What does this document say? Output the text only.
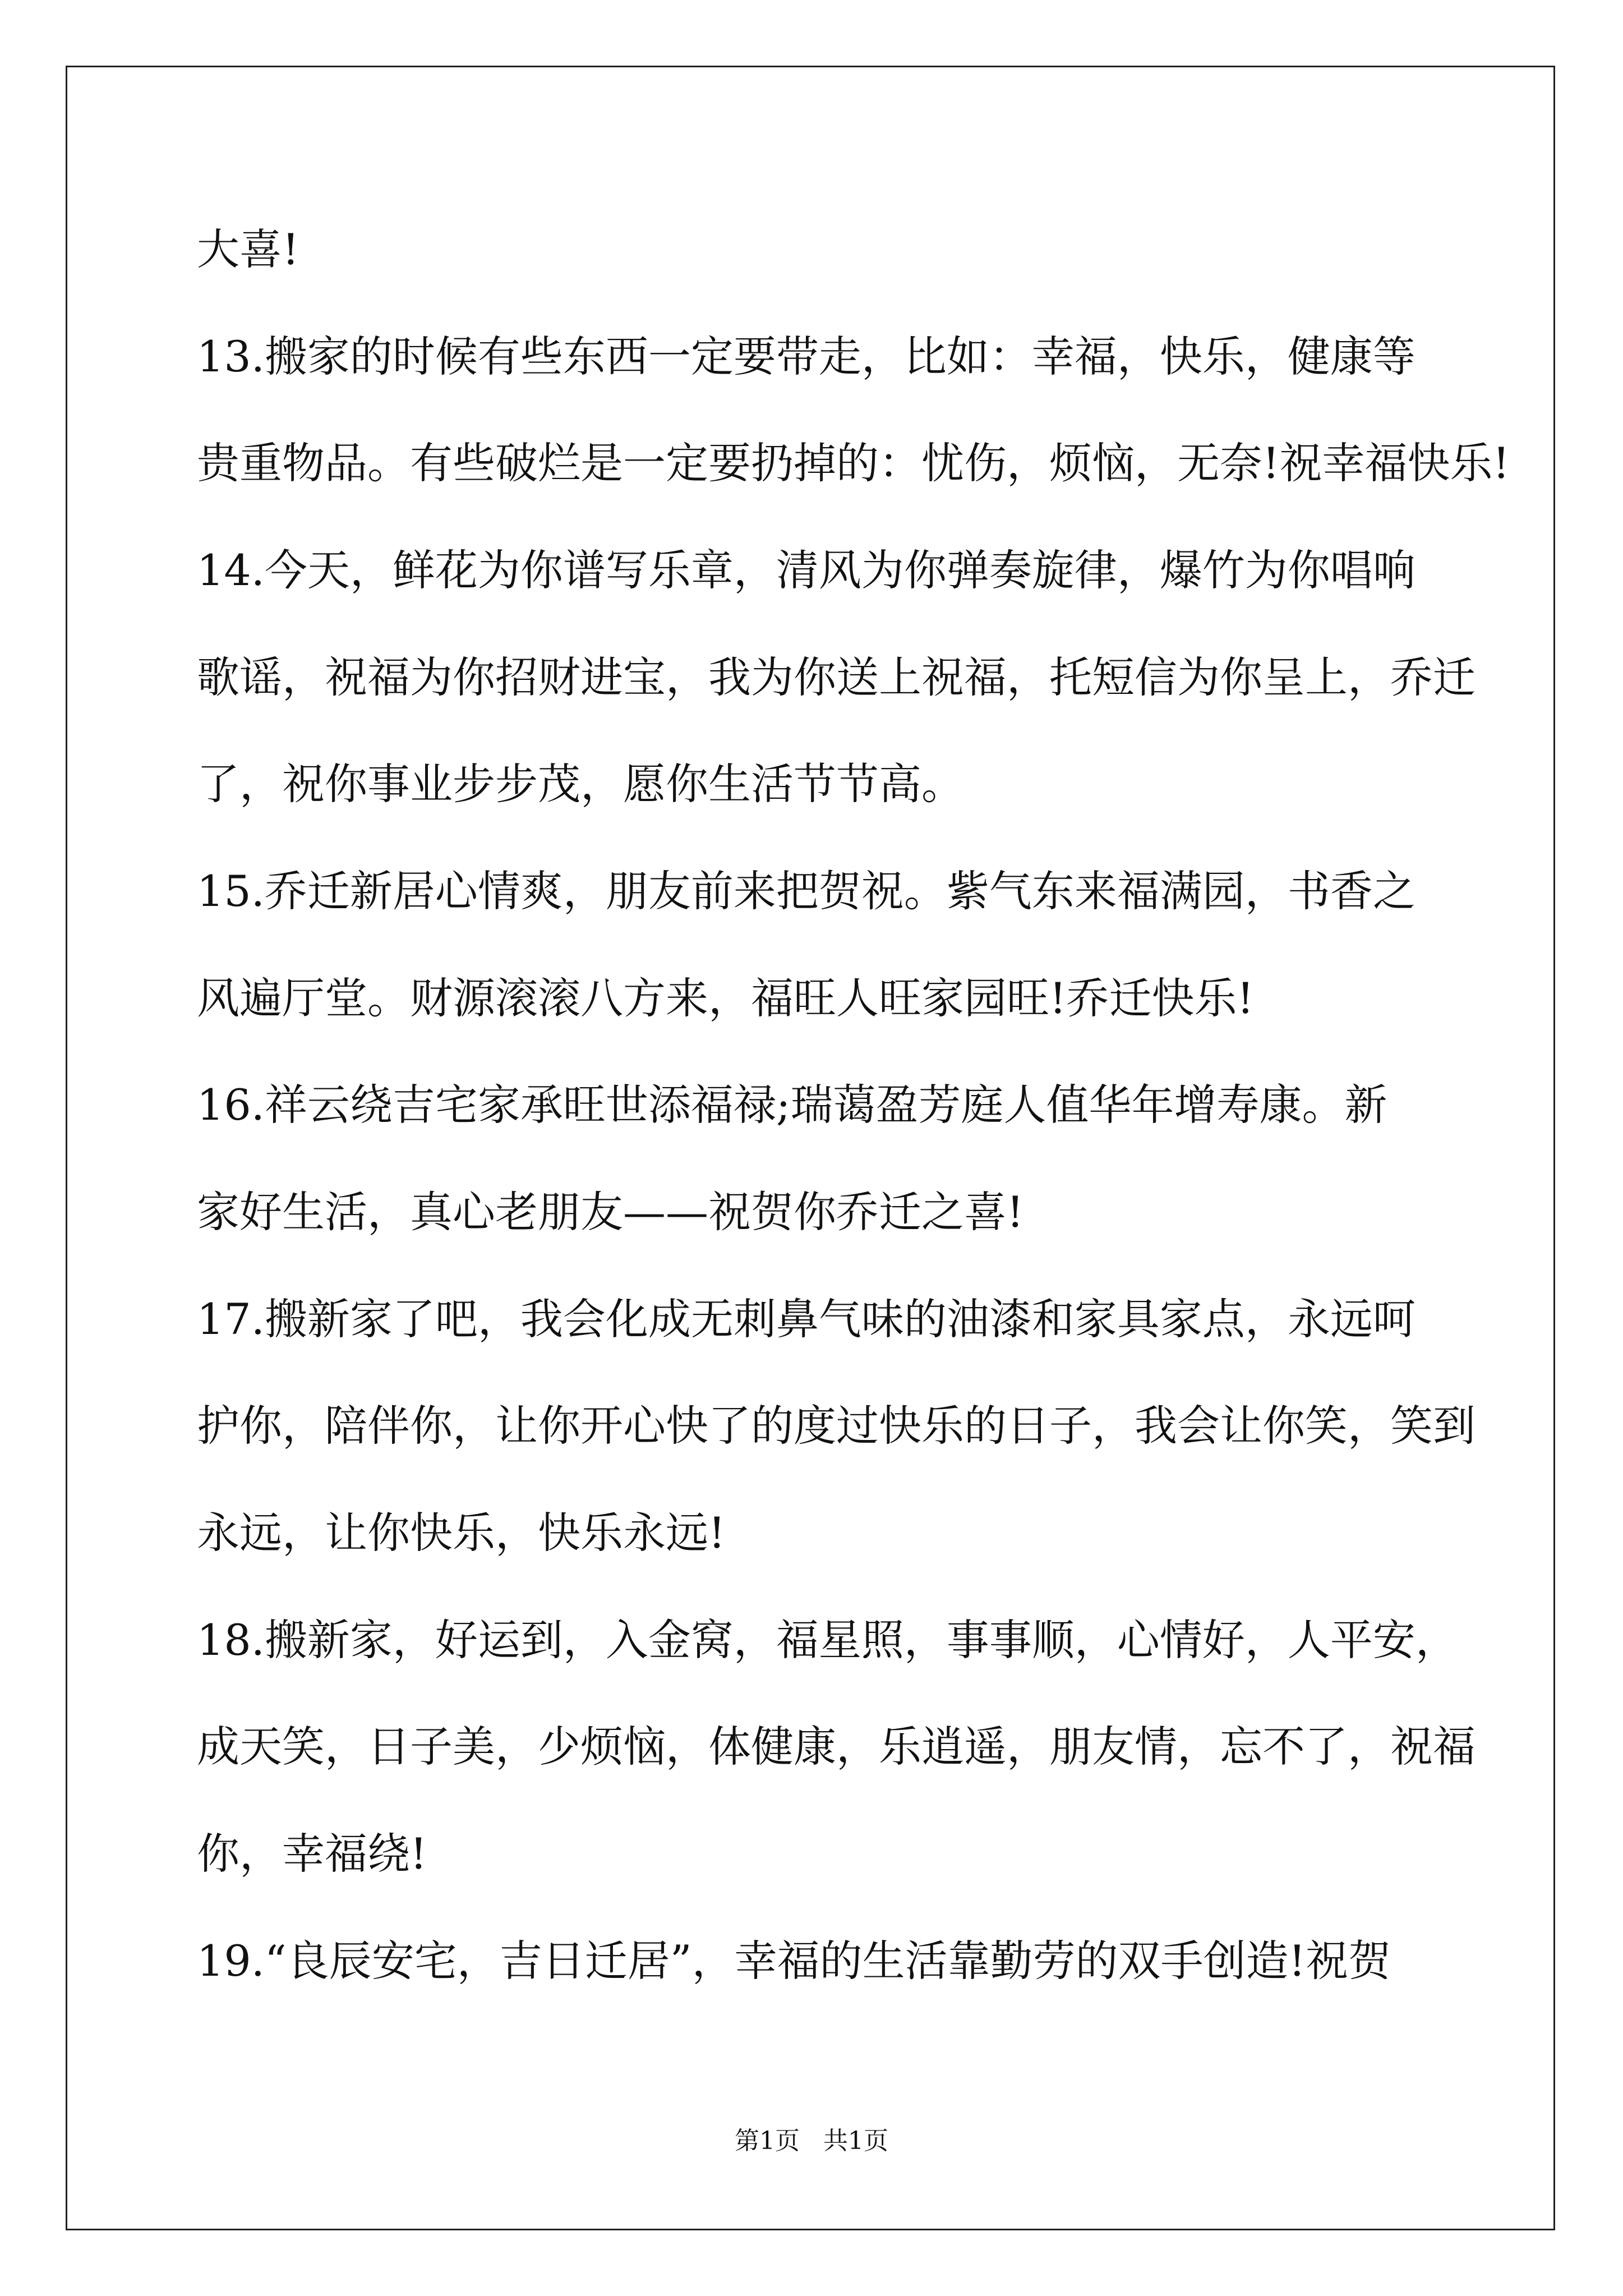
大喜!
13.搬家的时候有些东西一定要带走，比如：幸福，快乐，健康等
贵重物品。有些破烂是一定要扔掉的：忧伤，烦恼，无奈!祝幸福快乐!
14.今天，鲜花为你谱写乐章，清风为你弹奏旋律，爆竹为你唱响
歌谣，祝福为你招财进宝，我为你送上祝福，托短信为你呈上，乔迁
了，祝你事业步步茂，愿你生活节节高。
15.乔迁新居心情爽，朋友前来把贺祝。紫气东来福满园，书香之
风遍厅堂。财源滚滚八方来，福旺人旺家园旺!乔迁快乐!
16.祥云绕吉宅家承旺世添福禄;瑞蔼盈芳庭人值华年增寿康。新
家好生活，真心老朋友——祝贺你乔迁之喜!
17.搬新家了吧，我会化成无刺鼻气味的油漆和家具家点，永远呵
护你，陪伴你，让你开心快了的度过快乐的日子，我会让你笑，笑到
永远，让你快乐，快乐永远!
18.搬新家，好运到，入金窝，福星照，事事顺，心情好，人平安，
成天笑，日子美，少烦恼，体健康，乐逍遥，朋友情，忘不了，祝福
你，幸福绕!
19.“良辰安宅，吉日迁居”，幸福的生活靠勤劳的双手创造!祝贺
第1页   共1页
